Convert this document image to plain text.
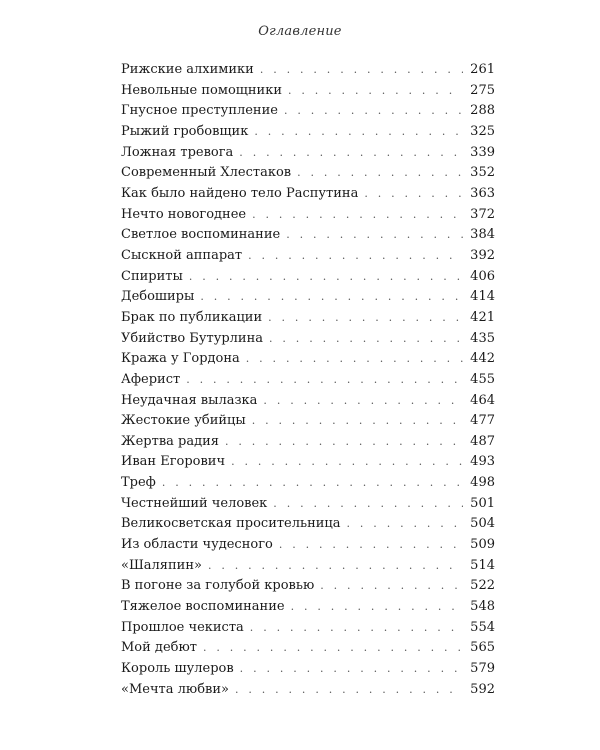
Оглавление
Рижские алхимики . . .	261
Невольные помощники . . .	275
Гнусное преступление . . .	288
Рыжий гробовщик . . .	325
Ложная тревога . . .	339
Современный Хлестаков . . .	352
Как было найдено тело Распутина . . .	363
Нечто новогоднее . . .	372
Светлое воспоминание . . .	384
Сыскной аппарат . . .	392
Спириты . . .	406
Дебоширы . . .	414
Брак по публикации . . .	421
Убийство Бутурлина . . .	435
Кража у Гордона . . .	442
Аферист . . .	455
Неудачная вылазка . . .	464
Жестокие убийцы . . .	477
Жертва радия . . .	487
Иван Егорович . . .	493
Треф . . .	498
Честнейший человек . . .	501
Великосветская просительница . . .	504
Из области чудесного . . .	509
«Шаляпин» . . .	514
В погоне за голубой кровью . . .	522
Тяжелое воспоминание . . .	548
Прошлое чекиста . . .	554
Мой дебют . . .	565
Король шулеров . . .	579
«Мечта любви» . . .	592
